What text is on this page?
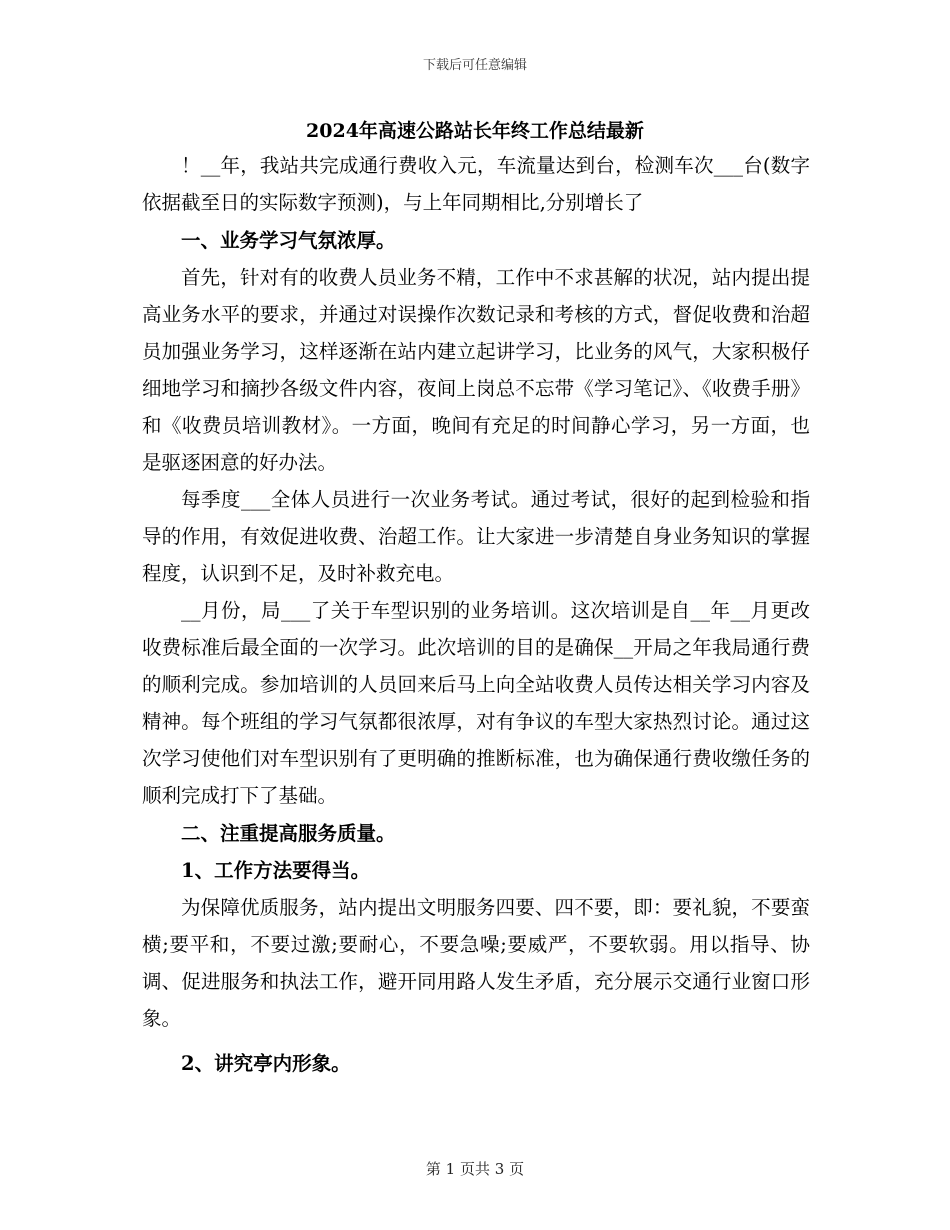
下载后可任意编辑
2024年高速公路站长年终工作总结最新

！__年，我站共完成通行费收入元，车流量达到台，检测车次___台(数字依据截至日的实际数字预测)，与上年同期相比,分别增长了

一、业务学习气氛浓厚。

首先，针对有的收费人员业务不精，工作中不求甚解的状况，站内提出提高业务水平的要求，并通过对误操作次数记录和考核的方式，督促收费和治超员加强业务学习，这样逐渐在站内建立起讲学习，比业务的风气，大家积极仔细地学习和摘抄各级文件内容，夜间上岗总不忘带《学习笔记》、《收费手册》和《收费员培训教材》。一方面，晚间有充足的时间静心学习，另一方面，也是驱逐困意的好办法。

每季度___全体人员进行一次业务考试。通过考试，很好的起到检验和指导的作用，有效促进收费、治超工作。让大家进一步清楚自身业务知识的掌握程度，认识到不足，及时补救充电。

__月份，局___了关于车型识别的业务培训。这次培训是自__年__月更改收费标准后最全面的一次学习。此次培训的目的是确保__开局之年我局通行费的顺利完成。参加培训的人员回来后马上向全站收费人员传达相关学习内容及精神。每个班组的学习气氛都很浓厚，对有争议的车型大家热烈讨论。通过这次学习使他们对车型识别有了更明确的推断标准，也为确保通行费收缴任务的顺利完成打下了基础。

二、注重提高服务质量。

1、工作方法要得当。

为保障优质服务，站内提出文明服务四要、四不要，即：要礼貌，不要蛮横;要平和，不要过激;要耐心，不要急噪;要威严，不要软弱。用以指导、协调、促进服务和执法工作，避开同用路人发生矛盾，充分展示交通行业窗口形象。

2、讲究亭内形象。

第 1 页共 3 页
